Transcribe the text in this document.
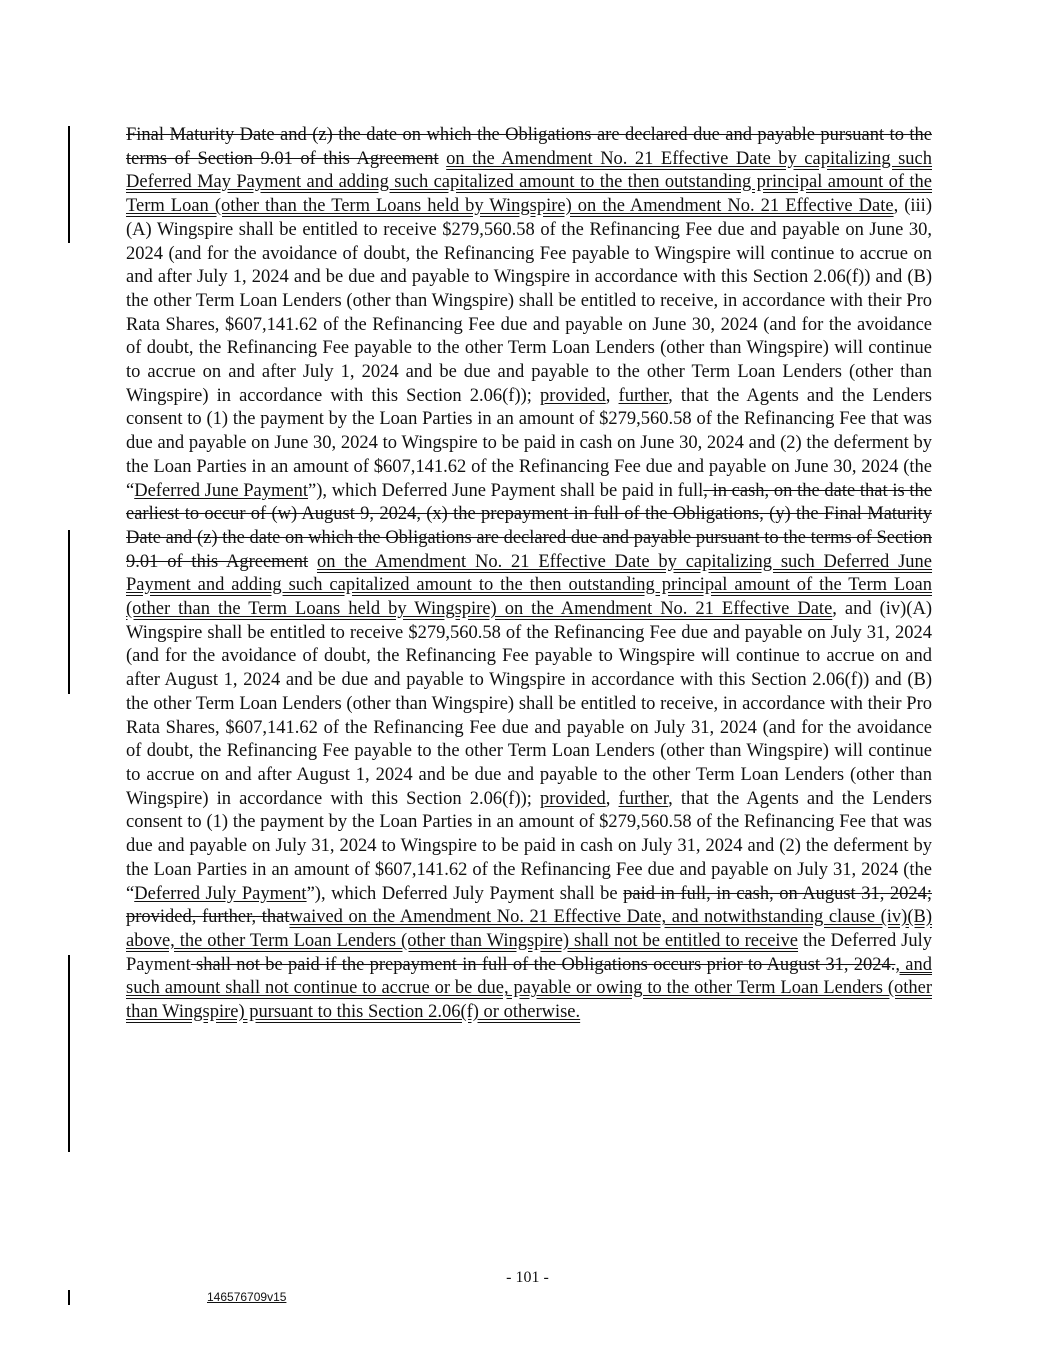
Final Maturity Date and (z) the date on which the Obligations are declared due and payable pursuant to the terms of Section 9.01 of this Agreement on the Amendment No. 21 Effective Date by capitalizing such Deferred May Payment and adding such capitalized amount to the then outstanding principal amount of the Term Loan (other than the Term Loans held by Wingspire) on the Amendment No. 21 Effective Date, (iii)(A) Wingspire shall be entitled to receive $279,560.58 of the Refinancing Fee due and payable on June 30, 2024 (and for the avoidance of doubt, the Refinancing Fee payable to Wingspire will continue to accrue on and after July 1, 2024 and be due and payable to Wingspire in accordance with this Section 2.06(f)) and (B) the other Term Loan Lenders (other than Wingspire) shall be entitled to receive, in accordance with their Pro Rata Shares, $607,141.62 of the Refinancing Fee due and payable on June 30, 2024 (and for the avoidance of doubt, the Refinancing Fee payable to the other Term Loan Lenders (other than Wingspire) will continue to accrue on and after July 1, 2024 and be due and payable to the other Term Loan Lenders (other than Wingspire) in accordance with this Section 2.06(f)); provided, further, that the Agents and the Lenders consent to (1) the payment by the Loan Parties in an amount of $279,560.58 of the Refinancing Fee that was due and payable on June 30, 2024 to Wingspire to be paid in cash on June 30, 2024 and (2) the deferment by the Loan Parties in an amount of $607,141.62 of the Refinancing Fee due and payable on June 30, 2024 (the “Deferred June Payment”), which Deferred June Payment shall be paid in full, in cash, on the date that is the earliest to occur of (w) August 9, 2024, (x) the prepayment in full of the Obligations, (y) the Final Maturity Date and (z) the date on which the Obligations are declared due and payable pursuant to the terms of Section 9.01 of this Agreement on the Amendment No. 21 Effective Date by capitalizing such Deferred June Payment and adding such capitalized amount to the then outstanding principal amount of the Term Loan (other than the Term Loans held by Wingspire) on the Amendment No. 21 Effective Date, and (iv)(A) Wingspire shall be entitled to receive $279,560.58 of the Refinancing Fee due and payable on July 31, 2024 (and for the avoidance of doubt, the Refinancing Fee payable to Wingspire will continue to accrue on and after August 1, 2024 and be due and payable to Wingspire in accordance with this Section 2.06(f)) and (B) the other Term Loan Lenders (other than Wingspire) shall be entitled to receive, in accordance with their Pro Rata Shares, $607,141.62 of the Refinancing Fee due and payable on July 31, 2024 (and for the avoidance of doubt, the Refinancing Fee payable to the other Term Loan Lenders (other than Wingspire) will continue to accrue on and after August 1, 2024 and be due and payable to the other Term Loan Lenders (other than Wingspire) in accordance with this Section 2.06(f)); provided, further, that the Agents and the Lenders consent to (1) the payment by the Loan Parties in an amount of $279,560.58 of the Refinancing Fee that was due and payable on July 31, 2024 to Wingspire to be paid in cash on July 31, 2024 and (2) the deferment by the Loan Parties in an amount of $607,141.62 of the Refinancing Fee due and payable on July 31, 2024 (the “Deferred July Payment”), which Deferred July Payment shall be paid in full, in cash, on August 31, 2024; provided, further, thatwaived on the Amendment No. 21 Effective Date, and notwithstanding clause (iv)(B) above, the other Term Loan Lenders (other than Wingspire) shall not be entitled to receive the Deferred July Payment shall not be paid if the prepayment in full of the Obligations occurs prior to August 31, 2024., and such amount shall not continue to accrue or be due, payable or owing to the other Term Loan Lenders (other than Wingspire) pursuant to this Section 2.06(f) or otherwise.

- 101 -
146576709v15
